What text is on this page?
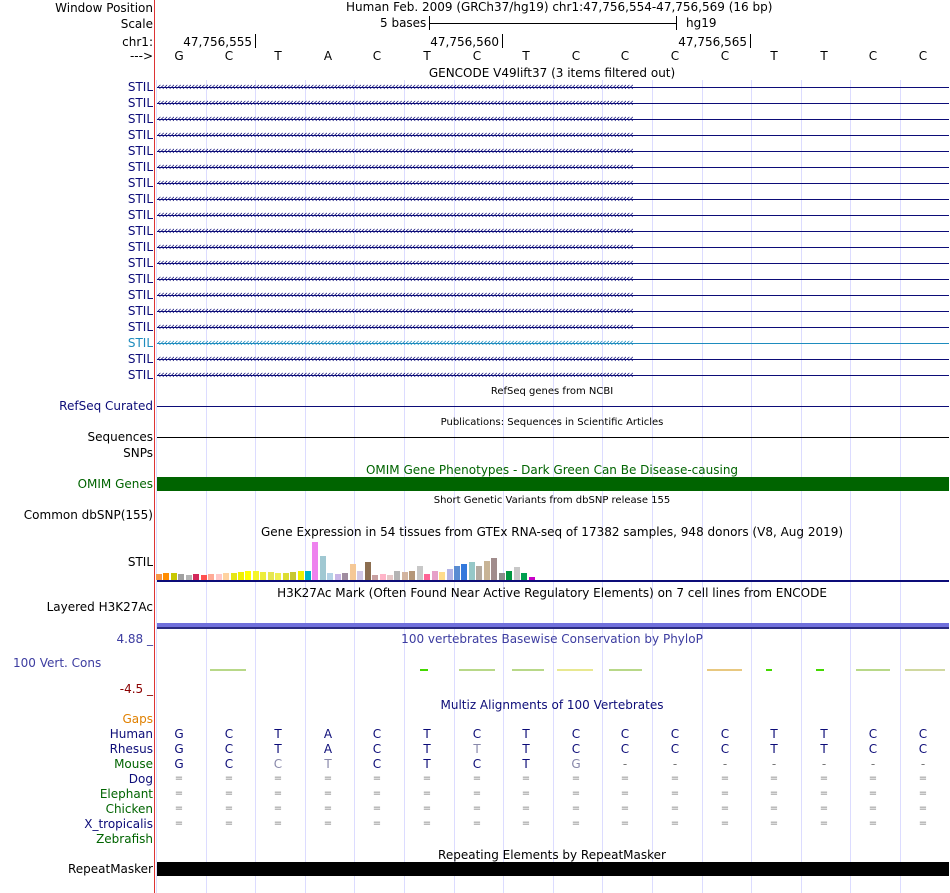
Window Position	Human Feb. 2009 (GRCh37/hg19) chr1:47,756,554-47,756,569 (16 bp)
Scale	5 bases	hg19
chr1:	47,756,555	47,756,560	47,756,565
--->	G	C	T	A	C	T	C	T	C	C	C	C	T	T	C	C
GENCODE V49lift37 (3 items filtered out)
STIL ‹‹‹‹‹‹‹‹‹‹‹‹‹‹‹‹‹‹‹‹‹‹‹‹‹‹‹‹‹‹‹‹‹‹‹‹‹‹‹‹‹‹‹‹‹‹‹‹‹‹‹‹‹‹‹‹‹‹‹‹‹‹‹‹‹‹‹‹‹‹‹‹‹‹‹‹‹‹‹‹‹‹‹‹‹‹‹‹‹‹‹‹‹‹‹‹‹‹‹‹‹‹‹‹‹‹‹‹‹‹‹‹‹‹‹‹‹‹‹‹‹‹‹‹‹‹‹‹‹‹‹‹‹‹‹‹‹‹‹‹
STIL ‹‹‹‹‹‹‹‹‹‹‹‹‹‹‹‹‹‹‹‹‹‹‹‹‹‹‹‹‹‹‹‹‹‹‹‹‹‹‹‹‹‹‹‹‹‹‹‹‹‹‹‹‹‹‹‹‹‹‹‹‹‹‹‹‹‹‹‹‹‹‹‹‹‹‹‹‹‹‹‹‹‹‹‹‹‹‹‹‹‹‹‹‹‹‹‹‹‹‹‹‹‹‹‹‹‹‹‹‹‹‹‹‹‹‹‹‹‹‹‹‹‹‹‹‹‹‹‹‹‹‹‹‹‹‹‹‹‹‹‹
STIL ‹‹‹‹‹‹‹‹‹‹‹‹‹‹‹‹‹‹‹‹‹‹‹‹‹‹‹‹‹‹‹‹‹‹‹‹‹‹‹‹‹‹‹‹‹‹‹‹‹‹‹‹‹‹‹‹‹‹‹‹‹‹‹‹‹‹‹‹‹‹‹‹‹‹‹‹‹‹‹‹‹‹‹‹‹‹‹‹‹‹‹‹‹‹‹‹‹‹‹‹‹‹‹‹‹‹‹‹‹‹‹‹‹‹‹‹‹‹‹‹‹‹‹‹‹‹‹‹‹‹‹‹‹‹‹‹‹‹‹‹
STIL ‹‹‹‹‹‹‹‹‹‹‹‹‹‹‹‹‹‹‹‹‹‹‹‹‹‹‹‹‹‹‹‹‹‹‹‹‹‹‹‹‹‹‹‹‹‹‹‹‹‹‹‹‹‹‹‹‹‹‹‹‹‹‹‹‹‹‹‹‹‹‹‹‹‹‹‹‹‹‹‹‹‹‹‹‹‹‹‹‹‹‹‹‹‹‹‹‹‹‹‹‹‹‹‹‹‹‹‹‹‹‹‹‹‹‹‹‹‹‹‹‹‹‹‹‹‹‹‹‹‹‹‹‹‹‹‹‹‹‹‹
STIL ‹‹‹‹‹‹‹‹‹‹‹‹‹‹‹‹‹‹‹‹‹‹‹‹‹‹‹‹‹‹‹‹‹‹‹‹‹‹‹‹‹‹‹‹‹‹‹‹‹‹‹‹‹‹‹‹‹‹‹‹‹‹‹‹‹‹‹‹‹‹‹‹‹‹‹‹‹‹‹‹‹‹‹‹‹‹‹‹‹‹‹‹‹‹‹‹‹‹‹‹‹‹‹‹‹‹‹‹‹‹‹‹‹‹‹‹‹‹‹‹‹‹‹‹‹‹‹‹‹‹‹‹‹‹‹‹‹‹‹‹
STIL ‹‹‹‹‹‹‹‹‹‹‹‹‹‹‹‹‹‹‹‹‹‹‹‹‹‹‹‹‹‹‹‹‹‹‹‹‹‹‹‹‹‹‹‹‹‹‹‹‹‹‹‹‹‹‹‹‹‹‹‹‹‹‹‹‹‹‹‹‹‹‹‹‹‹‹‹‹‹‹‹‹‹‹‹‹‹‹‹‹‹‹‹‹‹‹‹‹‹‹‹‹‹‹‹‹‹‹‹‹‹‹‹‹‹‹‹‹‹‹‹‹‹‹‹‹‹‹‹‹‹‹‹‹‹‹‹‹‹‹‹
STIL ‹‹‹‹‹‹‹‹‹‹‹‹‹‹‹‹‹‹‹‹‹‹‹‹‹‹‹‹‹‹‹‹‹‹‹‹‹‹‹‹‹‹‹‹‹‹‹‹‹‹‹‹‹‹‹‹‹‹‹‹‹‹‹‹‹‹‹‹‹‹‹‹‹‹‹‹‹‹‹‹‹‹‹‹‹‹‹‹‹‹‹‹‹‹‹‹‹‹‹‹‹‹‹‹‹‹‹‹‹‹‹‹‹‹‹‹‹‹‹‹‹‹‹‹‹‹‹‹‹‹‹‹‹‹‹‹‹‹‹‹
STIL ‹‹‹‹‹‹‹‹‹‹‹‹‹‹‹‹‹‹‹‹‹‹‹‹‹‹‹‹‹‹‹‹‹‹‹‹‹‹‹‹‹‹‹‹‹‹‹‹‹‹‹‹‹‹‹‹‹‹‹‹‹‹‹‹‹‹‹‹‹‹‹‹‹‹‹‹‹‹‹‹‹‹‹‹‹‹‹‹‹‹‹‹‹‹‹‹‹‹‹‹‹‹‹‹‹‹‹‹‹‹‹‹‹‹‹‹‹‹‹‹‹‹‹‹‹‹‹‹‹‹‹‹‹‹‹‹‹‹‹‹
STIL ‹‹‹‹‹‹‹‹‹‹‹‹‹‹‹‹‹‹‹‹‹‹‹‹‹‹‹‹‹‹‹‹‹‹‹‹‹‹‹‹‹‹‹‹‹‹‹‹‹‹‹‹‹‹‹‹‹‹‹‹‹‹‹‹‹‹‹‹‹‹‹‹‹‹‹‹‹‹‹‹‹‹‹‹‹‹‹‹‹‹‹‹‹‹‹‹‹‹‹‹‹‹‹‹‹‹‹‹‹‹‹‹‹‹‹‹‹‹‹‹‹‹‹‹‹‹‹‹‹‹‹‹‹‹‹‹‹‹‹‹
STIL ‹‹‹‹‹‹‹‹‹‹‹‹‹‹‹‹‹‹‹‹‹‹‹‹‹‹‹‹‹‹‹‹‹‹‹‹‹‹‹‹‹‹‹‹‹‹‹‹‹‹‹‹‹‹‹‹‹‹‹‹‹‹‹‹‹‹‹‹‹‹‹‹‹‹‹‹‹‹‹‹‹‹‹‹‹‹‹‹‹‹‹‹‹‹‹‹‹‹‹‹‹‹‹‹‹‹‹‹‹‹‹‹‹‹‹‹‹‹‹‹‹‹‹‹‹‹‹‹‹‹‹‹‹‹‹‹‹‹‹‹
STIL ‹‹‹‹‹‹‹‹‹‹‹‹‹‹‹‹‹‹‹‹‹‹‹‹‹‹‹‹‹‹‹‹‹‹‹‹‹‹‹‹‹‹‹‹‹‹‹‹‹‹‹‹‹‹‹‹‹‹‹‹‹‹‹‹‹‹‹‹‹‹‹‹‹‹‹‹‹‹‹‹‹‹‹‹‹‹‹‹‹‹‹‹‹‹‹‹‹‹‹‹‹‹‹‹‹‹‹‹‹‹‹‹‹‹‹‹‹‹‹‹‹‹‹‹‹‹‹‹‹‹‹‹‹‹‹‹‹‹‹‹
STIL ‹‹‹‹‹‹‹‹‹‹‹‹‹‹‹‹‹‹‹‹‹‹‹‹‹‹‹‹‹‹‹‹‹‹‹‹‹‹‹‹‹‹‹‹‹‹‹‹‹‹‹‹‹‹‹‹‹‹‹‹‹‹‹‹‹‹‹‹‹‹‹‹‹‹‹‹‹‹‹‹‹‹‹‹‹‹‹‹‹‹‹‹‹‹‹‹‹‹‹‹‹‹‹‹‹‹‹‹‹‹‹‹‹‹‹‹‹‹‹‹‹‹‹‹‹‹‹‹‹‹‹‹‹‹‹‹‹‹‹‹
STIL ‹‹‹‹‹‹‹‹‹‹‹‹‹‹‹‹‹‹‹‹‹‹‹‹‹‹‹‹‹‹‹‹‹‹‹‹‹‹‹‹‹‹‹‹‹‹‹‹‹‹‹‹‹‹‹‹‹‹‹‹‹‹‹‹‹‹‹‹‹‹‹‹‹‹‹‹‹‹‹‹‹‹‹‹‹‹‹‹‹‹‹‹‹‹‹‹‹‹‹‹‹‹‹‹‹‹‹‹‹‹‹‹‹‹‹‹‹‹‹‹‹‹‹‹‹‹‹‹‹‹‹‹‹‹‹‹‹‹‹‹
STIL ‹‹‹‹‹‹‹‹‹‹‹‹‹‹‹‹‹‹‹‹‹‹‹‹‹‹‹‹‹‹‹‹‹‹‹‹‹‹‹‹‹‹‹‹‹‹‹‹‹‹‹‹‹‹‹‹‹‹‹‹‹‹‹‹‹‹‹‹‹‹‹‹‹‹‹‹‹‹‹‹‹‹‹‹‹‹‹‹‹‹‹‹‹‹‹‹‹‹‹‹‹‹‹‹‹‹‹‹‹‹‹‹‹‹‹‹‹‹‹‹‹‹‹‹‹‹‹‹‹‹‹‹‹‹‹‹‹‹‹‹
STIL ‹‹‹‹‹‹‹‹‹‹‹‹‹‹‹‹‹‹‹‹‹‹‹‹‹‹‹‹‹‹‹‹‹‹‹‹‹‹‹‹‹‹‹‹‹‹‹‹‹‹‹‹‹‹‹‹‹‹‹‹‹‹‹‹‹‹‹‹‹‹‹‹‹‹‹‹‹‹‹‹‹‹‹‹‹‹‹‹‹‹‹‹‹‹‹‹‹‹‹‹‹‹‹‹‹‹‹‹‹‹‹‹‹‹‹‹‹‹‹‹‹‹‹‹‹‹‹‹‹‹‹‹‹‹‹‹‹‹‹‹
STIL ‹‹‹‹‹‹‹‹‹‹‹‹‹‹‹‹‹‹‹‹‹‹‹‹‹‹‹‹‹‹‹‹‹‹‹‹‹‹‹‹‹‹‹‹‹‹‹‹‹‹‹‹‹‹‹‹‹‹‹‹‹‹‹‹‹‹‹‹‹‹‹‹‹‹‹‹‹‹‹‹‹‹‹‹‹‹‹‹‹‹‹‹‹‹‹‹‹‹‹‹‹‹‹‹‹‹‹‹‹‹‹‹‹‹‹‹‹‹‹‹‹‹‹‹‹‹‹‹‹‹‹‹‹‹‹‹‹‹‹‹
STIL ‹‹‹‹‹‹‹‹‹‹‹‹‹‹‹‹‹‹‹‹‹‹‹‹‹‹‹‹‹‹‹‹‹‹‹‹‹‹‹‹‹‹‹‹‹‹‹‹‹‹‹‹‹‹‹‹‹‹‹‹‹‹‹‹‹‹‹‹‹‹‹‹‹‹‹‹‹‹‹‹‹‹‹‹‹‹‹‹‹‹‹‹‹‹‹‹‹‹‹‹‹‹‹‹‹‹‹‹‹‹‹‹‹‹‹‹‹‹‹‹‹‹‹‹‹‹‹‹‹‹‹‹‹‹‹‹‹‹‹‹
STIL ‹‹‹‹‹‹‹‹‹‹‹‹‹‹‹‹‹‹‹‹‹‹‹‹‹‹‹‹‹‹‹‹‹‹‹‹‹‹‹‹‹‹‹‹‹‹‹‹‹‹‹‹‹‹‹‹‹‹‹‹‹‹‹‹‹‹‹‹‹‹‹‹‹‹‹‹‹‹‹‹‹‹‹‹‹‹‹‹‹‹‹‹‹‹‹‹‹‹‹‹‹‹‹‹‹‹‹‹‹‹‹‹‹‹‹‹‹‹‹‹‹‹‹‹‹‹‹‹‹‹‹‹‹‹‹‹‹‹‹‹
STIL ‹‹‹‹‹‹‹‹‹‹‹‹‹‹‹‹‹‹‹‹‹‹‹‹‹‹‹‹‹‹‹‹‹‹‹‹‹‹‹‹‹‹‹‹‹‹‹‹‹‹‹‹‹‹‹‹‹‹‹‹‹‹‹‹‹‹‹‹‹‹‹‹‹‹‹‹‹‹‹‹‹‹‹‹‹‹‹‹‹‹‹‹‹‹‹‹‹‹‹‹‹‹‹‹‹‹‹‹‹‹‹‹‹‹‹‹‹‹‹‹‹‹‹‹‹‹‹‹‹‹‹‹‹‹‹‹‹‹‹‹
RefSeq genes from NCBI
RefSeq Curated
Publications: Sequences in Scientific Articles
Sequences
SNPs
OMIM Gene Phenotypes - Dark Green Can Be Disease-causing
OMIM Genes
Short Genetic Variants from dbSNP release 155
Common dbSNP(155)
Gene Expression in 54 tissues from GTEx RNA-seq of 17382 samples, 948 donors (V8, Aug 2019)
STIL
H3K27Ac Mark (Often Found Near Active Regulatory Elements) on 7 cell lines from ENCODE
Layered H3K27Ac
4.88 _	100 vertebrates Basewise Conservation by PhyloP
100 Vert. Cons
-4.5 _
Multiz Alignments of 100 Vertebrates
Gaps
Human	G	C	T	A	C	T	C	T	C	C	C	C	T	T	C	C
Rhesus	G	C	T	A	C	T	T	T	C	C	C	C	T	T	C	C
Mouse	G	C	C	T	C	T	C	T	G	-	-	-	-	-	-	-
Dog	=	=	=	=	=	=	=	=	=	=	=	=	=	=	=	=
Elephant	=	=	=	=	=	=	=	=	=	=	=	=	=	=	=	=
Chicken	=	=	=	=	=	=	=	=	=	=	=	=	=	=	=	=
X_tropicalis	=	=	=	=	=	=	=	=	=	=	=	=	=	=	=	=
Zebrafish
Repeating Elements by RepeatMasker
RepeatMasker
